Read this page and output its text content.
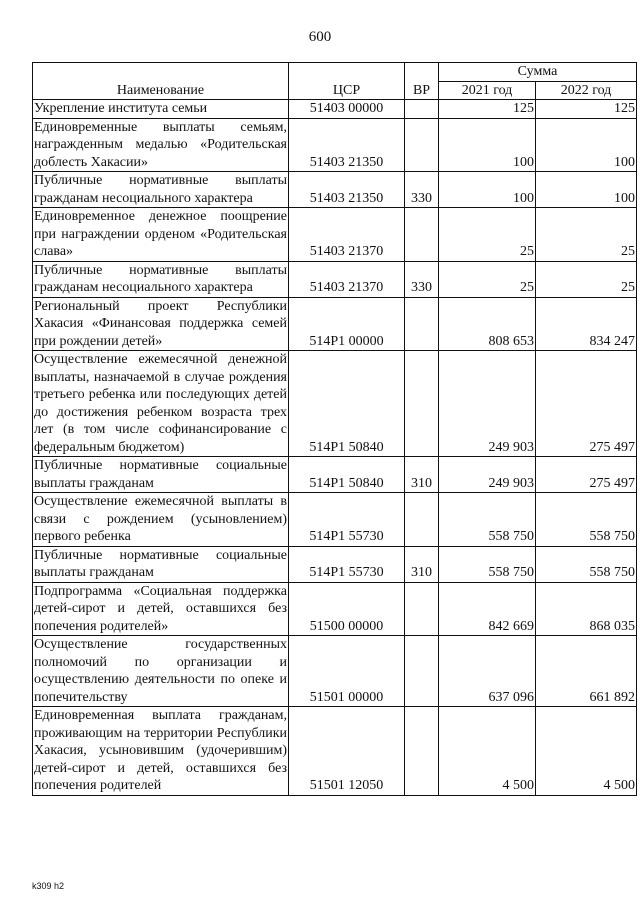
600
Наименование	ЦСР	ВР	Сумма	
			2021 год	2022 год
Укрепление института семьи	51403 00000		125	125
Единовременные выплаты семьям, награжденным медалью «Родительская доблесть Хакасии»	51403 21350		100	100
Публичные нормативные выплаты гражданам несоциального характера	51403 21350	330	100	100
Единовременное денежное поощрение при награждении орденом «Родительская слава»	51403 21370		25	25
Публичные нормативные выплаты гражданам несоциального характера	51403 21370	330	25	25
Региональный проект Республики Хакасия «Финансовая поддержка семей при рождении детей»	514P1 00000		808 653	834 247
Осуществление ежемесячной денежной выплаты, назначаемой в случае рождения третьего ребенка или последующих детей до достижения ребенком возраста трех лет (в том числе софинансирование с федеральным бюджетом)	514P1 50840		249 903	275 497
Публичные нормативные социальные выплаты гражданам	514P1 50840	310	249 903	275 497
Осуществление ежемесячной выплаты в связи с рождением (усыновлением) первого ребенка	514P1 55730		558 750	558 750
Публичные нормативные социальные выплаты гражданам	514P1 55730	310	558 750	558 750
Подпрограмма «Социальная поддержка детей-сирот и детей, оставшихся без попечения родителей»	51500 00000		842 669	868 035
Осуществление государственных полномочий по организации и осуществлению деятельности по опеке и попечительству	51501 00000		637 096	661 892
Единовременная выплата гражданам, проживающим на территории Республики Хакасия, усыновившим (удочерившим) детей-сирот и детей, оставшихся без попечения родителей	51501 12050		4 500	4 500
k309 h2
